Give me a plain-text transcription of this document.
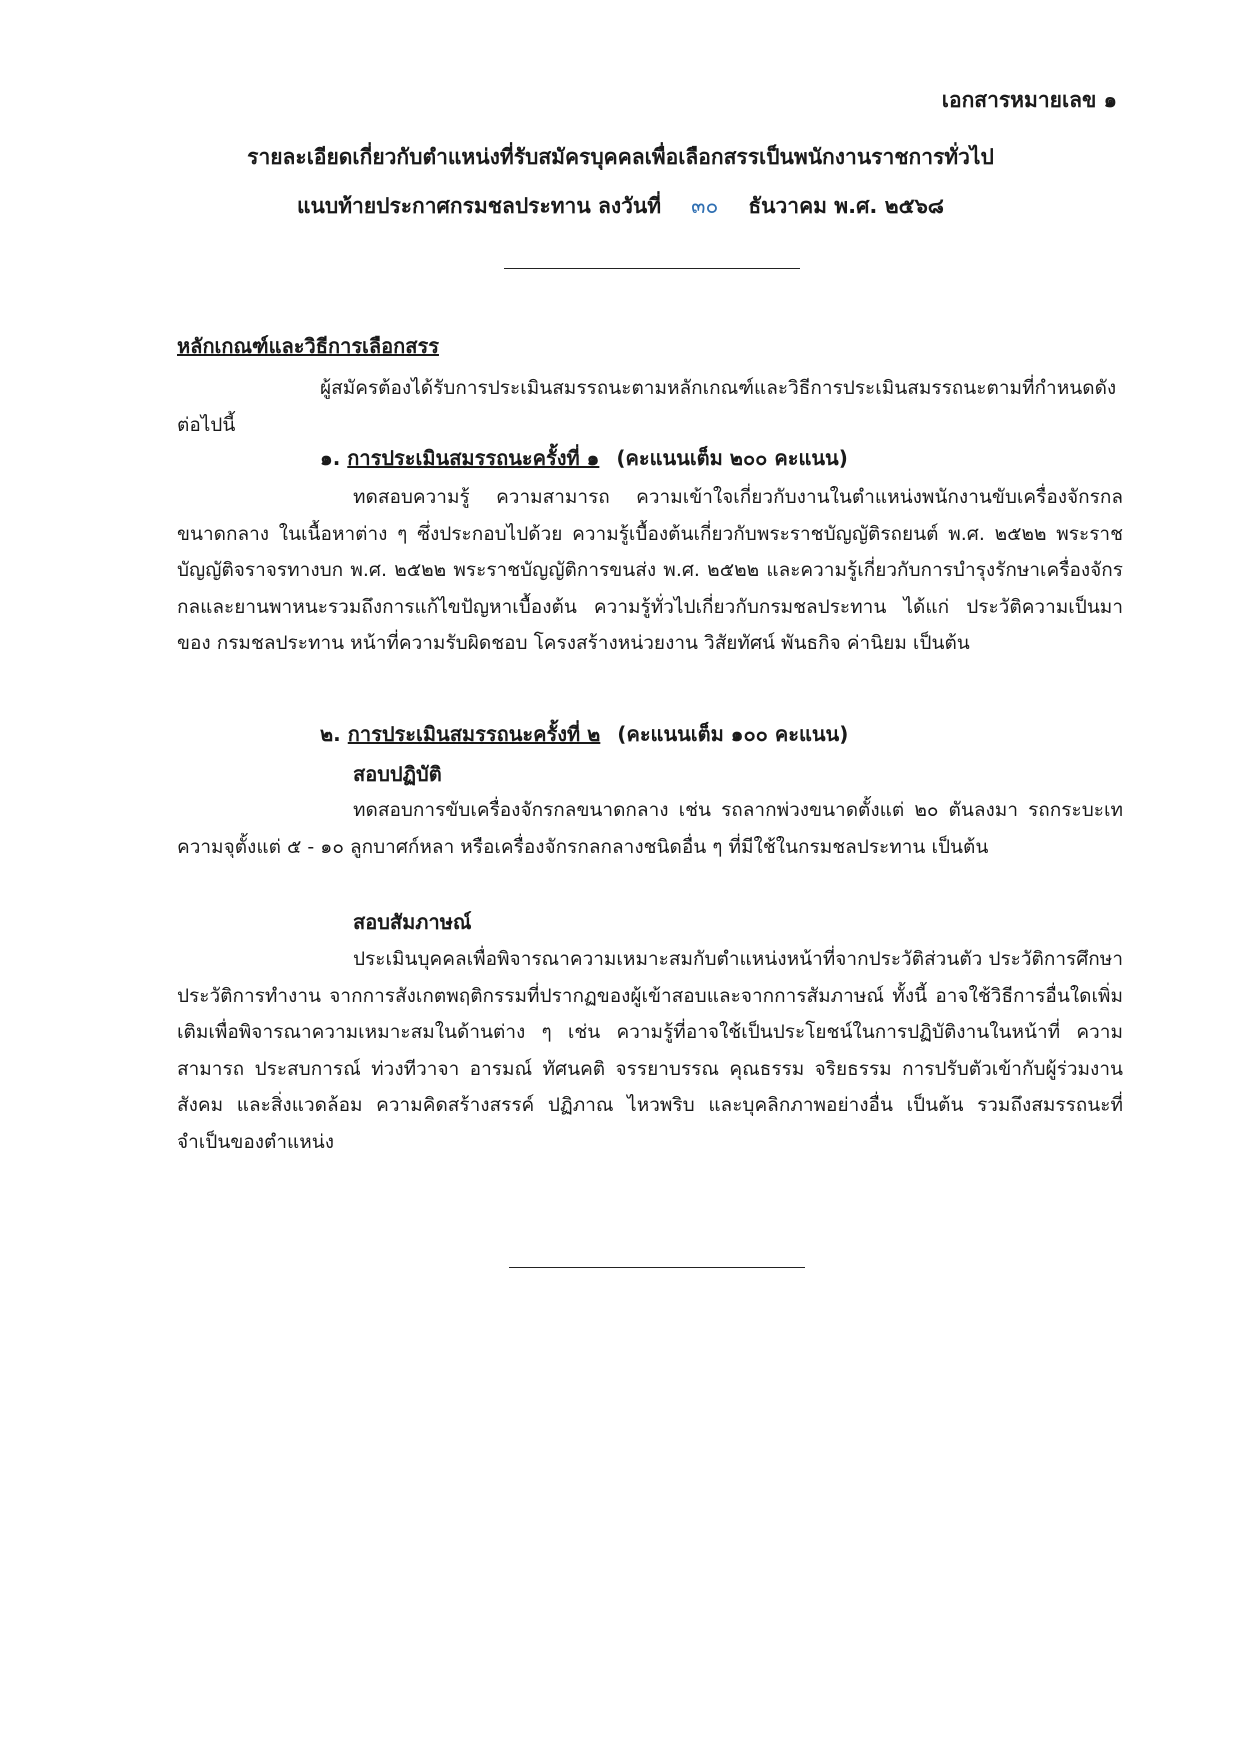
เอกสารหมายเลข ๑
รายละเอียดเกี่ยวกับตำแหน่งที่รับสมัครบุคคลเพื่อเลือกสรรเป็นพนักงานราชการทั่วไป
แนบท้ายประกาศกรมชลประทาน ลงวันที่ ๓๐ ธันวาคม พ.ศ. ๒๕๖๘
หลักเกณฑ์และวิธีการเลือกสรร
ผู้สมัครต้องได้รับการประเมินสมรรถนะตามหลักเกณฑ์และวิธีการประเมินสมรรถนะตามที่กำหนดดังต่อไปนี้
๑. การประเมินสมรรถนะครั้งที่ ๑ (คะแนนเต็ม ๒๐๐ คะแนน)
ทดสอบความรู้ ความสามารถ ความเข้าใจเกี่ยวกับงานในตำแหน่งพนักงานขับเครื่องจักรกลขนาดกลาง ในเนื้อหาต่าง ๆ ซึ่งประกอบไปด้วย ความรู้เบื้องต้นเกี่ยวกับพระราชบัญญัติรถยนต์ พ.ศ. ๒๕๒๒ พระราชบัญญัติจราจรทางบก พ.ศ. ๒๕๒๒ พระราชบัญญัติการขนส่ง พ.ศ. ๒๕๒๒ และความรู้เกี่ยวกับการบำรุงรักษาเครื่องจักรกลและยานพาหนะรวมถึงการแก้ไขปัญหาเบื้องต้น ความรู้ทั่วไปเกี่ยวกับกรมชลประทาน ได้แก่ ประวัติความเป็นมาของ กรมชลประทาน หน้าที่ความรับผิดชอบ โครงสร้างหน่วยงาน วิสัยทัศน์ พันธกิจ ค่านิยม เป็นต้น
๒. การประเมินสมรรถนะครั้งที่ ๒ (คะแนนเต็ม ๑๐๐ คะแนน)
สอบปฏิบัติ
ทดสอบการขับเครื่องจักรกลขนาดกลาง เช่น รถลากพ่วงขนาดตั้งแต่ ๒๐ ตันลงมา รถกระบะเทความจุตั้งแต่ ๕ - ๑๐ ลูกบาศก์หลา หรือเครื่องจักรกลกลางชนิดอื่น ๆ ที่มีใช้ในกรมชลประทาน เป็นต้น
สอบสัมภาษณ์
ประเมินบุคคลเพื่อพิจารณาความเหมาะสมกับตำแหน่งหน้าที่จากประวัติส่วนตัว ประวัติการศึกษา ประวัติการทำงาน จากการสังเกตพฤติกรรมที่ปรากฏของผู้เข้าสอบและจากการสัมภาษณ์ ทั้งนี้ อาจใช้วิธีการอื่นใดเพิ่มเติมเพื่อพิจารณาความเหมาะสมในด้านต่าง ๆ เช่น ความรู้ที่อาจใช้เป็นประโยชน์ในการปฏิบัติงานในหน้าที่ ความสามารถ ประสบการณ์ ท่วงทีวาจา อารมณ์ ทัศนคติ จรรยาบรรณ คุณธรรม จริยธรรม การปรับตัวเข้ากับผู้ร่วมงาน สังคม และสิ่งแวดล้อม ความคิดสร้างสรรค์ ปฏิภาณ ไหวพริบ และบุคลิกภาพอย่างอื่น เป็นต้น รวมถึงสมรรถนะที่จำเป็นของตำแหน่ง
